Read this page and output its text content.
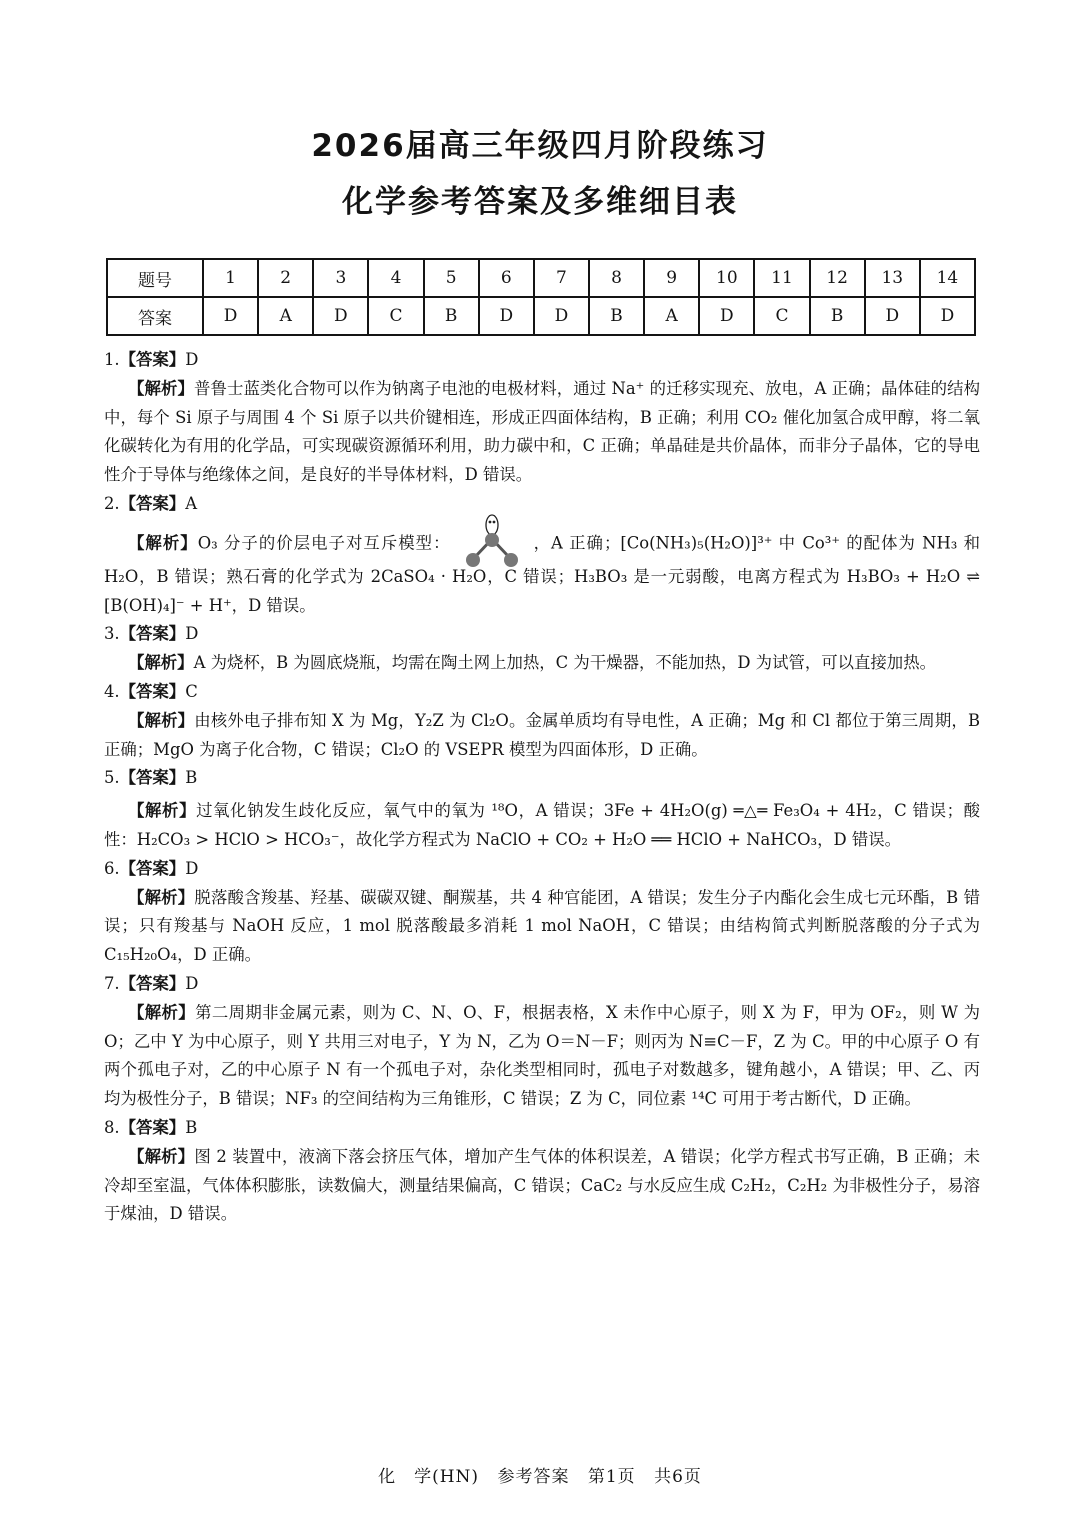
2026届高三年级四月阶段练习
化学参考答案及多维细目表
题号	1	2	3	4	5	6	7	8	9	10	11	12	13	14
答案	D	A	D	C	B	D	D	B	A	D	C	B	D	D

1.【答案】D

【解析】普鲁士蓝类化合物可以作为钠离子电池的电极材料，通过 Na⁺ 的迁移实现充、放电，A 正确；晶体硅的结构中，每个 Si 原子与周围 4 个 Si 原子以共价键相连，形成正四面体结构，B 正确；利用 CO₂ 催化加氢合成甲醇，将二氧化碳转化为有用的化学品，可实现碳资源循环利用，助力碳中和，C 正确；单晶硅是共价晶体，而非分子晶体，它的导电性介于导体与绝缘体之间，是良好的半导体材料，D 错误。

2.【答案】A

【解析】O₃ 分子的价层电子对互斥模型：	，A 正确；[Co(NH₃)₅(H₂O)]³⁺ 中 Co³⁺ 的配体为 NH₃ 和 H₂O，B 错误；熟石膏的化学式为 2CaSO₄ · H₂O，C 错误；H₃BO₃ 是一元弱酸，电离方程式为 H₃BO₃ + H₂O ⇌ [B(OH)₄]⁻ + H⁺，D 错误。

3.【答案】D

【解析】A 为烧杯，B 为圆底烧瓶，均需在陶土网上加热，C 为干燥器，不能加热，D 为试管，可以直接加热。

4.【答案】C

【解析】由核外电子排布知 X 为 Mg，Y₂Z 为 Cl₂O。金属单质均有导电性，A 正确；Mg 和 Cl 都位于第三周期，B 正确；MgO 为离子化合物，C 错误；Cl₂O 的 VSEPR 模型为四面体形，D 正确。

5.【答案】B

【解析】过氧化钠发生歧化反应，氧气中的氧为 ¹⁸O，A 错误；3Fe + 4H₂O(g) ═△═ Fe₃O₄ + 4H₂，C 错误；酸性：H₂CO₃ > HClO > HCO₃⁻，故化学方程式为 NaClO + CO₂ + H₂O ══ HClO + NaHCO₃，D 错误。

6.【答案】D

【解析】脱落酸含羧基、羟基、碳碳双键、酮羰基，共 4 种官能团，A 错误；发生分子内酯化会生成七元环酯，B 错误；只有羧基与 NaOH 反应，1 mol 脱落酸最多消耗 1 mol NaOH，C 错误；由结构简式判断脱落酸的分子式为 C₁₅H₂₀O₄，D 正确。

7.【答案】D

【解析】第二周期非金属元素，则为 C、N、O、F，根据表格，X 未作中心原子，则 X 为 F，甲为 OF₂，则 W 为 O；乙中 Y 为中心原子，则 Y 共用三对电子，Y 为 N，乙为 O＝N－F；则丙为 N≡C－F，Z 为 C。甲的中心原子 O 有两个孤电子对，乙的中心原子 N 有一个孤电子对，杂化类型相同时，孤电子对数越多，键角越小，A 错误；甲、乙、丙均为极性分子，B 错误；NF₃ 的空间结构为三角锥形，C 错误；Z 为 C，同位素 ¹⁴C 可用于考古断代，D 正确。

8.【答案】B

【解析】图 2 装置中，液滴下落会挤压气体，增加产生气体的体积误差，A 错误；化学方程式书写正确，B 正确；未冷却至室温，气体体积膨胀，读数偏大，测量结果偏高，C 错误；CaC₂ 与水反应生成 C₂H₂，C₂H₂ 为非极性分子，易溶于煤油，D 错误。

化　学(HN) 参考答案 第1页 共6页
